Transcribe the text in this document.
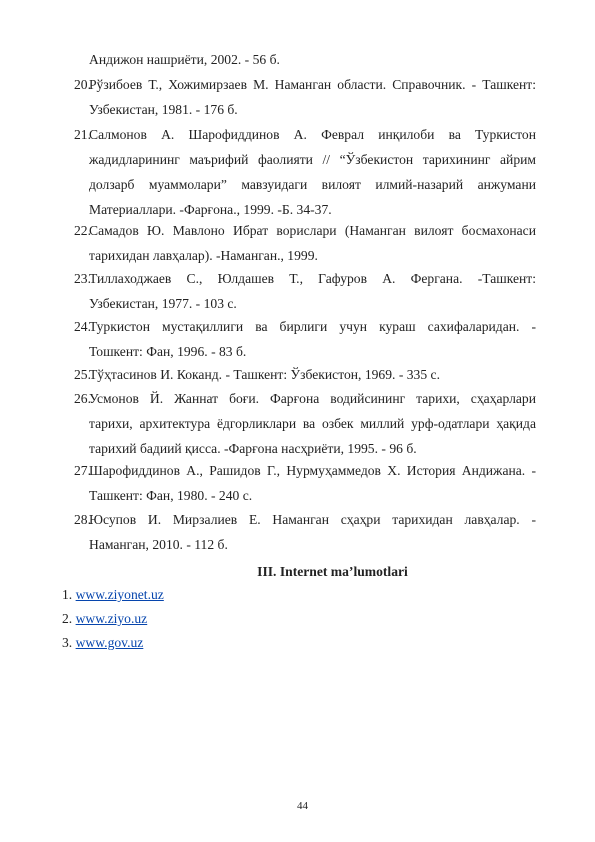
Андижон нашриёти, 2002. - 56 б.
20.
Рўзибоев Т., Хожимирзаев М. Наманган области. Справочник. - Ташкент:
Узбекистан, 1981. - 176 б.
21.
Салмонов А. Шарофиддинов А. Феврал инқилоби ва Туркистон
жадидларининг маърифий фаолияти // “Ўзбекистон тарихининг айрим
долзарб муаммолари” мавзуидаги вилоят илмий-назарий анжумани
Материаллари. -Фарғона., 1999. -Б. 34-37.
22.
Самадов Ю. Мавлоно Ибрат ворислари (Наманган вилоят босмахонаси
тарихидан лавҳалар). -Наманган., 1999.
23.
Тиллаходжаев С., Юлдашев Т., Гафуров А. Фергана. -Ташкент:
Узбекистан, 1977. - 103 с.
24.
Туркистон мустақиллиги ва бирлиги учун кураш сахифаларидан. -
Тошкент: Фан, 1996. - 83 б.
25.
Тўҳтасинов И. Коканд. - Ташкент: Ўзбекистон, 1969. - 335 с.
26.
Усмонов Й. Жаннат боғи. Фарғона водийсининг тарихи, сҳаҳарлари
тарихи, архитектура ёдгорликлари ва озбек миллий урф-одатлари ҳақида
тарихий бадиий қисса. -Фарғона насҳриёти, 1995. - 96 б.
27.
Шарофиддинов А., Рашидов Г., Нурмуҳаммедов Х. История Андижана. -
Ташкент: Фан, 1980. - 240 с.
28.
Юсупов И. Мирзалиев Е. Наманган сҳаҳри тарихидан лавҳалар. -
Наманган, 2010. - 112 б.
III. Internet ma’lumotlari
1. www.ziyonet.uz
2. www.ziyo.uz
3. www.gov.uz
44
